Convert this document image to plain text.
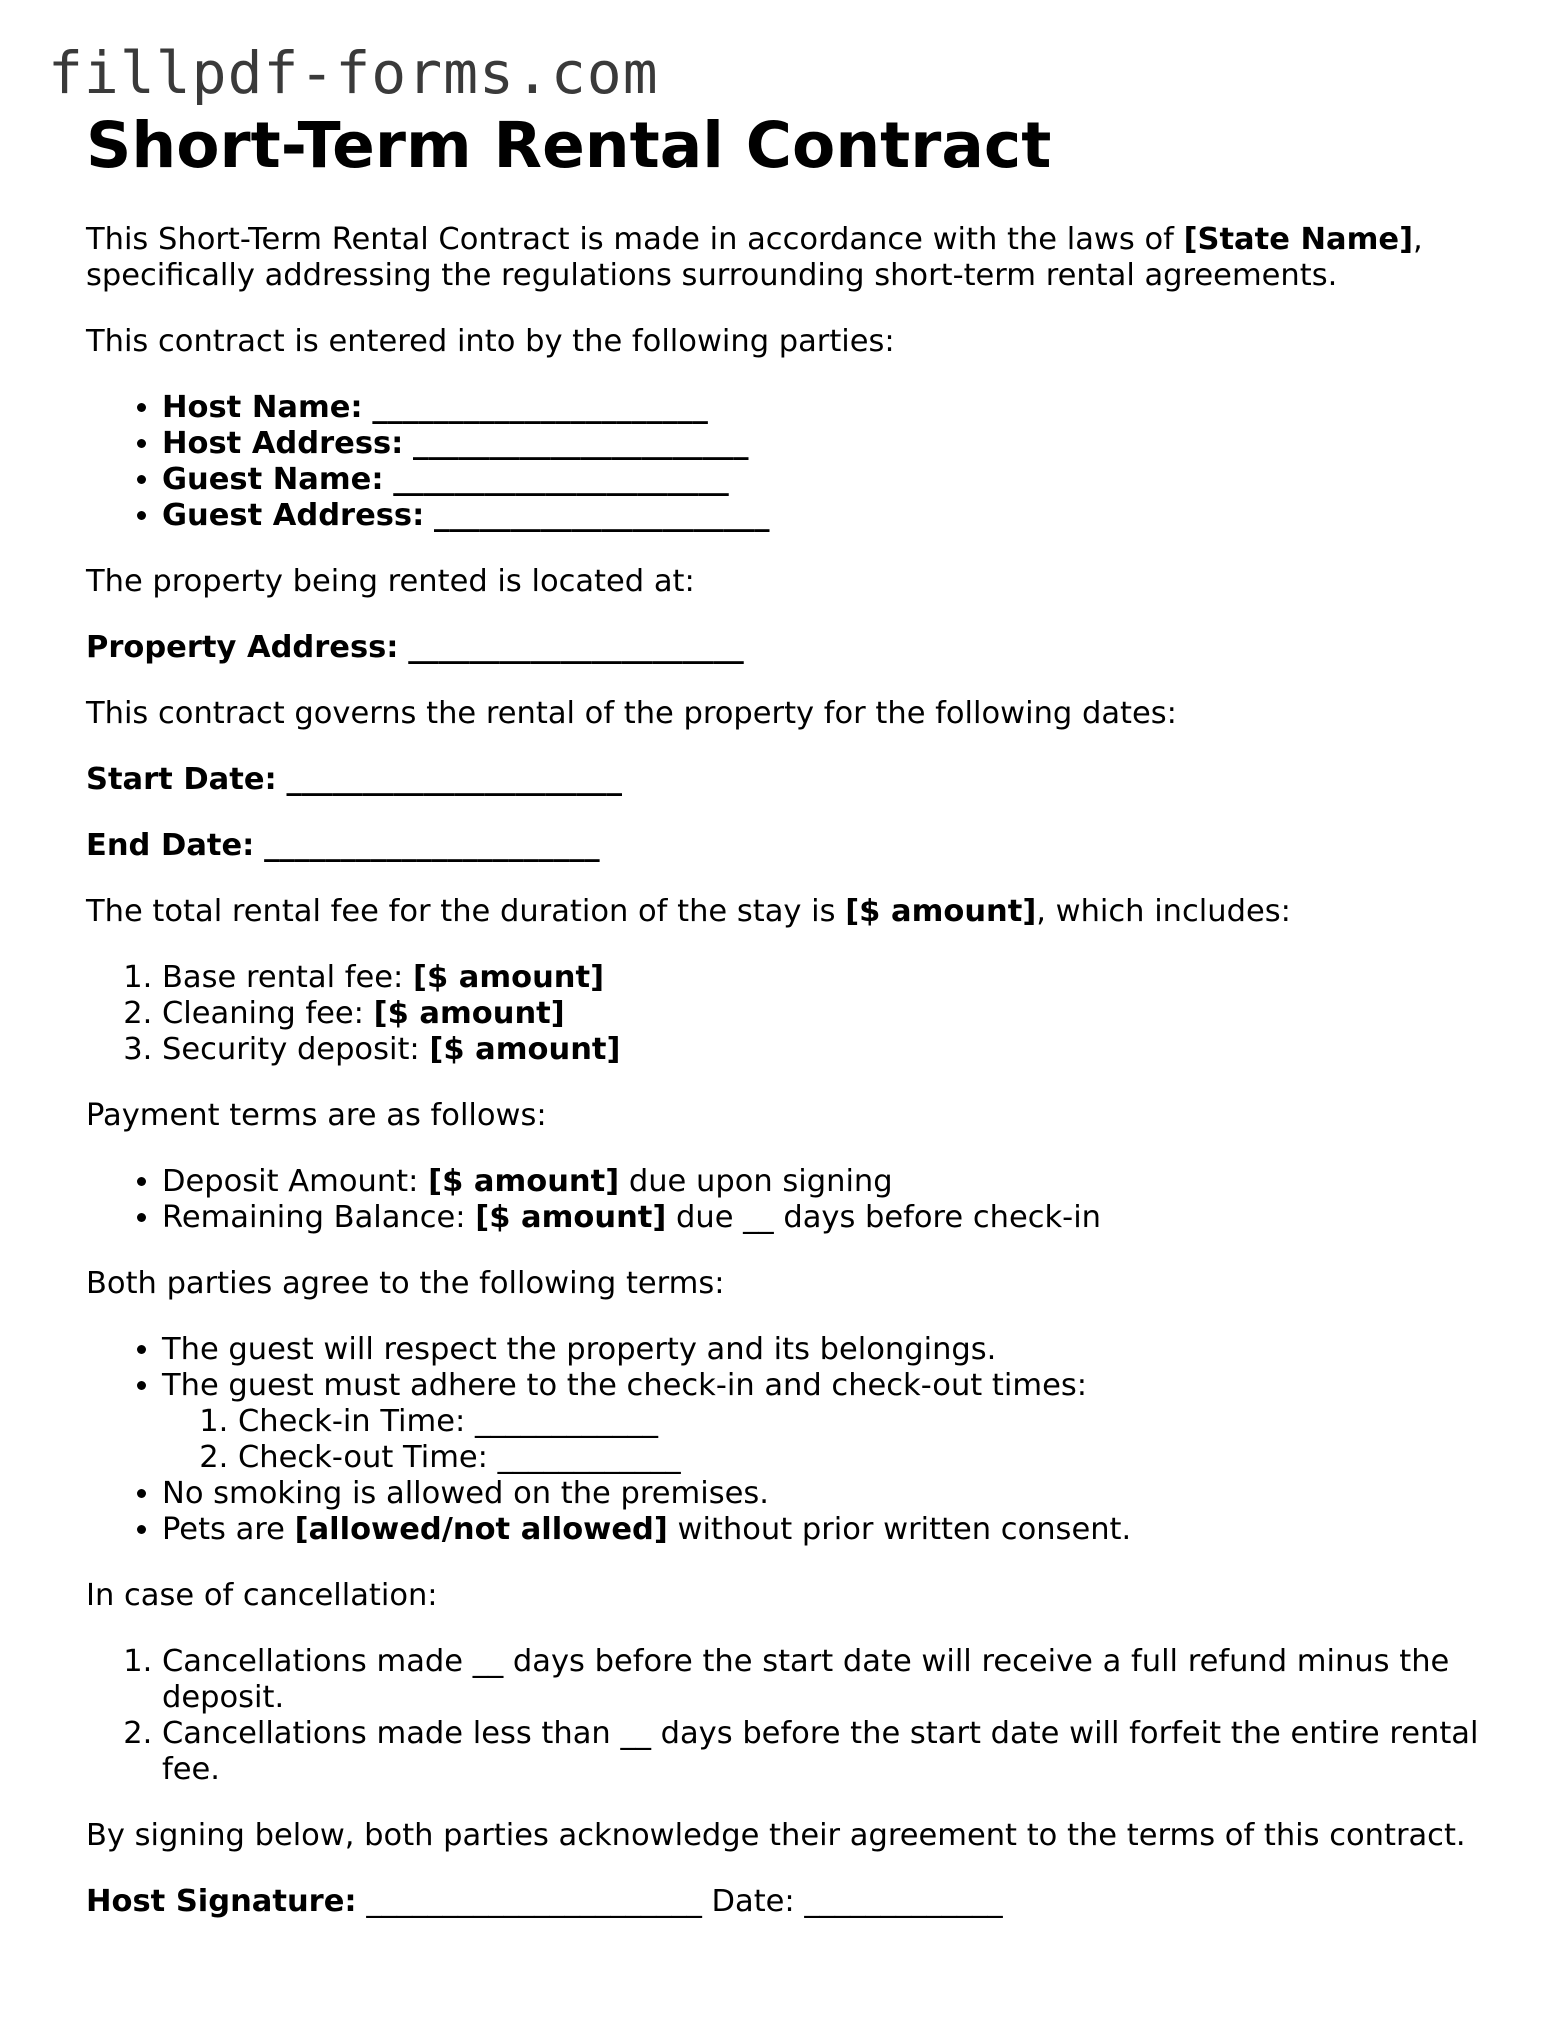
fillpdf-forms.com
Short-Term Rental Contract

This Short-Term Rental Contract is made in accordance with the laws of [State Name], specifically addressing the regulations surrounding short-term rental agreements.

This contract is entered into by the following parties:

• Host Name: ______________________
• Host Address: ______________________
• Guest Name: ______________________
• Guest Address: ______________________

The property being rented is located at:

Property Address: ______________________

This contract governs the rental of the property for the following dates:

Start Date: ______________________

End Date: ______________________

The total rental fee for the duration of the stay is [$ amount], which includes:

1. Base rental fee: [$ amount]
2. Cleaning fee: [$ amount]
3. Security deposit: [$ amount]

Payment terms are as follows:

• Deposit Amount: [$ amount] due upon signing
• Remaining Balance: [$ amount] due __ days before check-in

Both parties agree to the following terms:

• The guest will respect the property and its belongings.
• The guest must adhere to the check-in and check-out times:
1. Check-in Time: ____________
2. Check-out Time: ____________
• No smoking is allowed on the premises.
• Pets are [allowed/not allowed] without prior written consent.

In case of cancellation:

1. Cancellations made __ days before the start date will receive a full refund minus the deposit.
2. Cancellations made less than __ days before the start date will forfeit the entire rental fee.

By signing below, both parties acknowledge their agreement to the terms of this contract.

Host Signature: ______________________ Date: _____________
